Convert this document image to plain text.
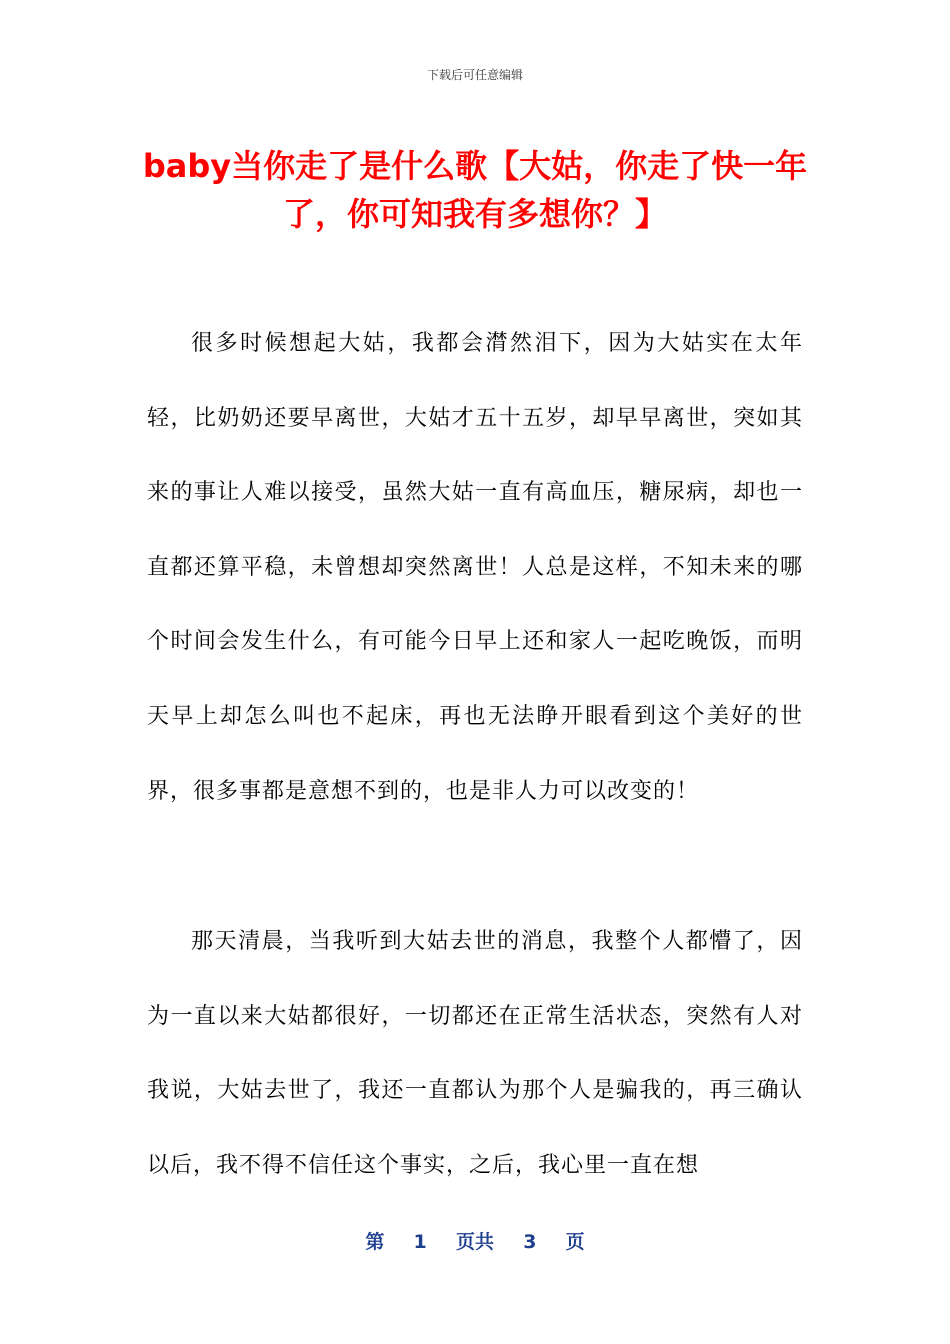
下载后可任意编辑
baby当你走了是什么歌【大姑，你走了快一年了，你可知我有多想你？】

很多时候想起大姑，我都会潸然泪下，因为大姑实在太年轻，比奶奶还要早离世，大姑才五十五岁，却早早离世，突如其来的事让人难以接受，虽然大姑一直有高血压，糖尿病，却也一直都还算平稳，未曾想却突然离世！人总是这样，不知未来的哪个时间会发生什么，有可能今日早上还和家人一起吃晚饭，而明天早上却怎么叫也不起床，再也无法睁开眼看到这个美好的世界，很多事都是意想不到的，也是非人力可以改变的！

那天清晨，当我听到大姑去世的消息，我整个人都懵了，因为一直以来大姑都很好，一切都还在正常生活状态，突然有人对我说，大姑去世了，我还一直都认为那个人是骗我的，再三确认以后，我不得不信任这个事实，之后，我心里一直在想

第  1  页共  3  页
